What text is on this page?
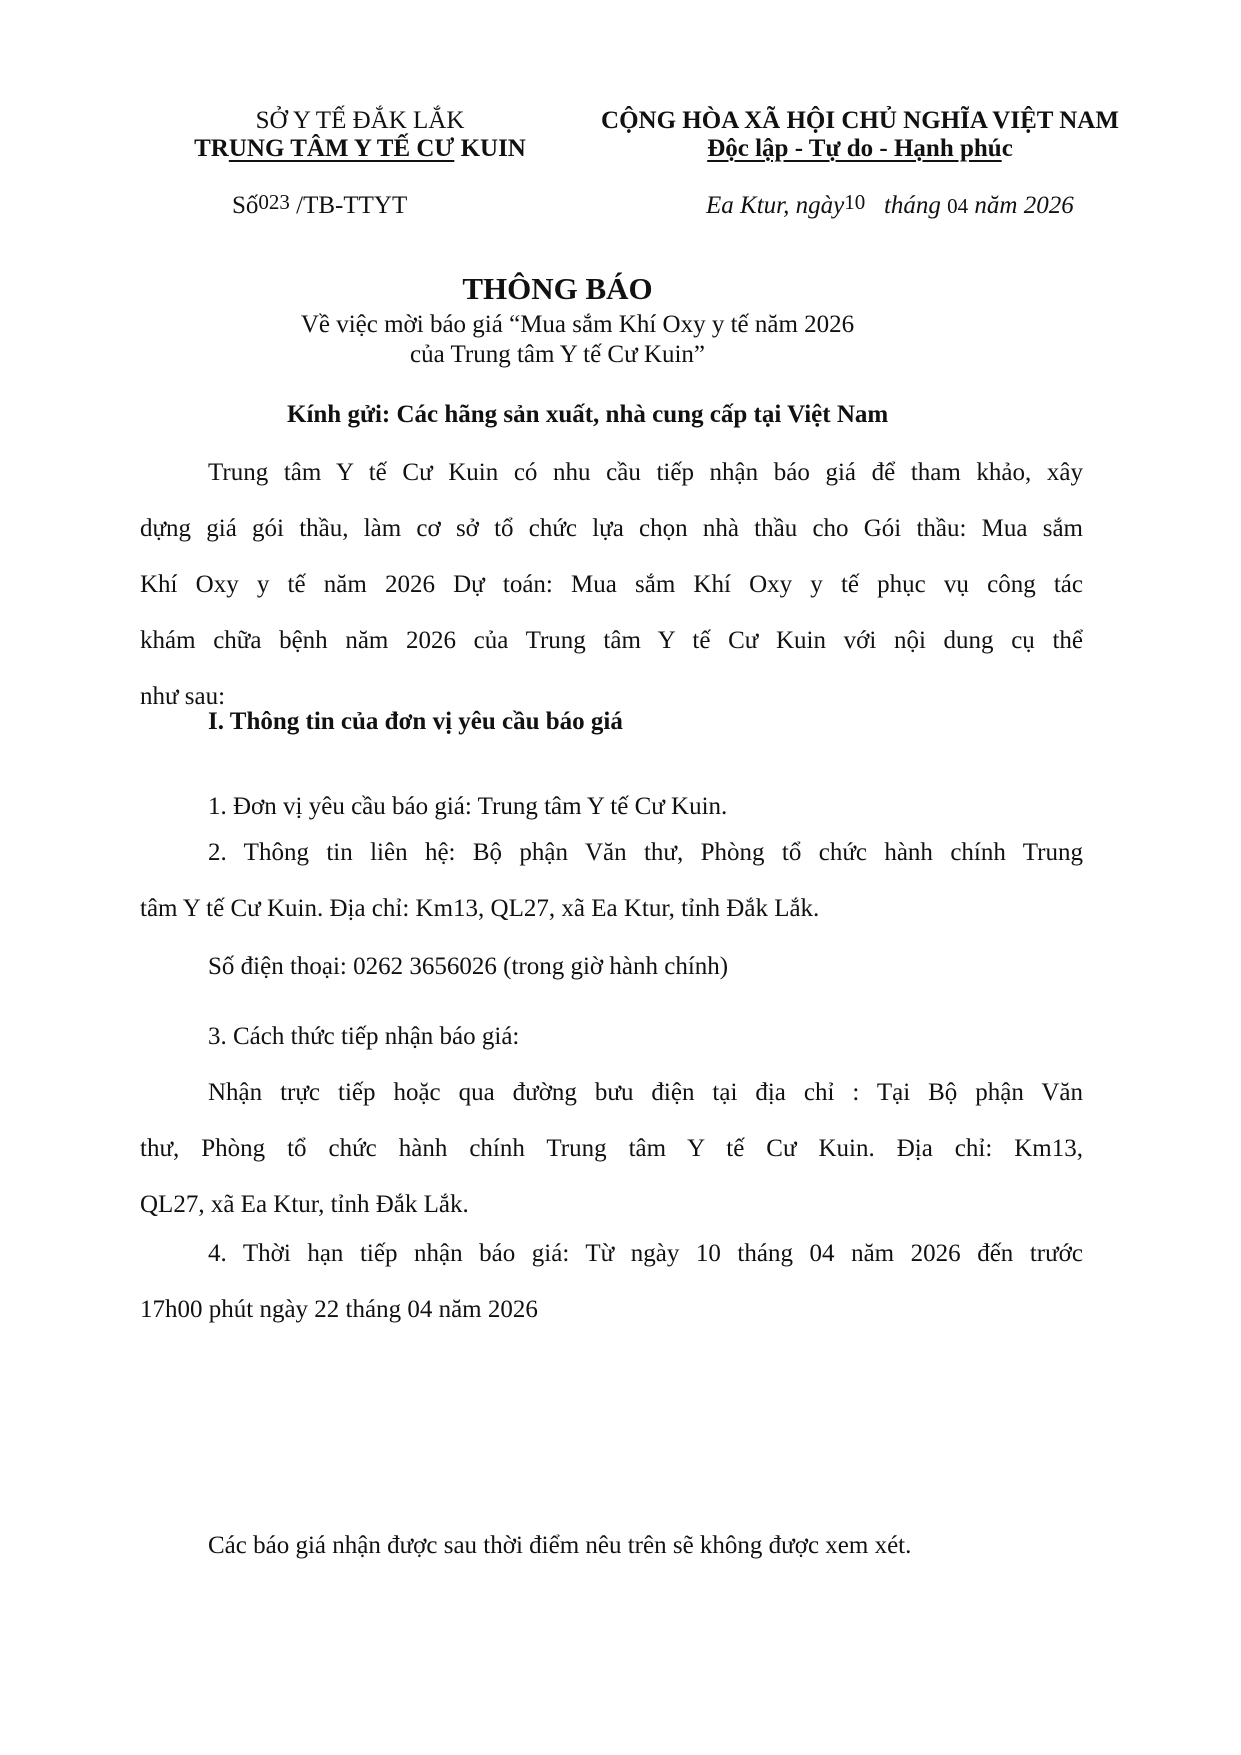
SỞ Y TẾ ĐẮK LẮK
TRUNG TÂM Y TẾ CƯ KUIN
Số023 /TB-TTYT
CỘNG HÒA XÃ HỘI CHỦ NGHĨA VIỆT NAM
Độc lập - Tự do - Hạnh phúc
Ea Ktur, ngày10 tháng 04 năm 2026
THÔNG BÁO
Về việc mời báo giá “Mua sắm Khí Oxy y tế năm 2026
của Trung tâm Y tế Cư Kuin”
Kính gửi: Các hãng sản xuất, nhà cung cấp tại Việt Nam
Trung tâm Y tế Cư Kuin có nhu cầu tiếp nhận báo giá để tham khảo, xây
dựng giá gói thầu, làm cơ sở tổ chức lựa chọn nhà thầu cho Gói thầu: Mua sắm
Khí Oxy y tế năm 2026 Dự toán: Mua sắm Khí Oxy y tế phục vụ công tác
khám chữa bệnh năm 2026 của Trung tâm Y tế Cư Kuin với nội dung cụ thể
như sau:
I. Thông tin của đơn vị yêu cầu báo giá
1. Đơn vị yêu cầu báo giá: Trung tâm Y tế Cư Kuin.
2. Thông tin liên hệ: Bộ phận Văn thư, Phòng tổ chức hành chính Trung
tâm Y tế Cư Kuin. Địa chỉ: Km13, QL27, xã Ea Ktur, tỉnh Đắk Lắk.
Số điện thoại: 0262 3656026 (trong giờ hành chính)
3. Cách thức tiếp nhận báo giá:
Nhận trực tiếp hoặc qua đường bưu điện tại địa chỉ : Tại Bộ phận Văn
thư, Phòng tổ chức hành chính Trung tâm Y tế Cư Kuin. Địa chỉ: Km13,
QL27, xã Ea Ktur, tỉnh Đắk Lắk.
4. Thời hạn tiếp nhận báo giá: Từ ngày 10 tháng 04 năm 2026 đến trước
17h00 phút ngày 22 tháng 04 năm 2026
Các báo giá nhận được sau thời điểm nêu trên sẽ không được xem xét.
